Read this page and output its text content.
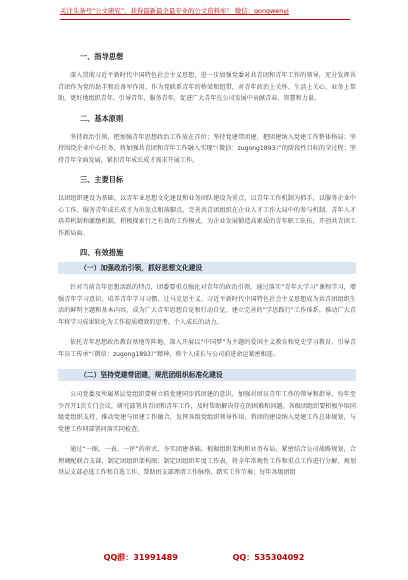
关注头条号“公文研究”，获得最新最全最专业的公文资料库！ 微信：gongwenyj
一、指导思想

深入贯彻习近平新时代中国特色社会主义思想，进一步加强党委对共青团和青年工作的领导，充分发挥共青团作为党的助手和后备军作用。作为党联系青年的桥梁和纽带，对青年政治上关怀、生活上关心、业务上帮助，更好地组织青年、引导青年、服务青年，促进广大青年在公司发展中贡献青春、智慧和力量。

二、基本原则

坚持政治引领，把加强青年思想政治工作放在首位；坚持党建带团建，把团建纳入党建工作整体格局；坚持围绕企业中心任务，将加强共青团和青年工作融入实现“（微信：zugong1893）”的阶段性目标的全过程；坚持青年全面发展，紧扣青年成长成才需求开展工作。

三、主要目标

以团组织建设为基础，以青年业思想文化建设和业务团队建设为重点，以青年工作机制为抓手，以服务企业中心工作、服务青年成长成才为出发点和落脚点，完善共青团组织在企业人才工作大局中的参与机制、青年人才培养机制和激励机制，积极探索行之有效的工作模式，为企业发展锻造高素质的青年职工队伍，开创共青团工作新局面。

四、有效措施
（一）加强政治引领，抓好思想文化建设

针对当前青年思想活跃的特点，团委要重点强化对青年的政治引领。通过落实“青年大学习”课程学习，增强青年学习意识，培养青年学习习惯，让马克思主义、习近平新时代中国特色社会主义思想成为共青团组织生活的鲜明主题和基本内容，成为广大青年思想自觉和行动自觉。建立完善的“学思践行”工作体系，推动广大青年将学习成果转化为工作提质增效的思考、个人成长的动力。

依托青年思想政治教育基地等阵地，深入开展以“中国梦”为主题的爱国主义教育和党史学习教育，引导青年员工传承“（微信：zugong1893）”精神，将个人成长与公司前进命运紧密相连。

（二）坚持党建带团建，规范团组织标准化建设

公司党委及所属基层党组织要树立抓党建同步抓团建的意识，加强对团员青年工作的领导和指导，每年至少召开1次专门会议，研究部署共青团和青年工作，及时帮助解决存在的困难和问题。各级团组织要积极争取同级党组织支持，推动党建与团建工作融合，发挥各级党组织领导作用，将团的建设纳入党建工作总体规划，与党建工作同部署同落实同检查。

通过“一图、一表、一评”的形式，夯实团建基础。根据组织架构和业务布局，紧密结合公司战略规划，合理调配联合支部，制定团组织架构图；制定团组织年度工作表，将全年常规性工作和重点工作进行分解，规划基层支部必选工作和自选工作，帮助团支部理清工作脉络、踏实工作节奏；每年各级团组

QQ群：31991489	QQ：535304092
